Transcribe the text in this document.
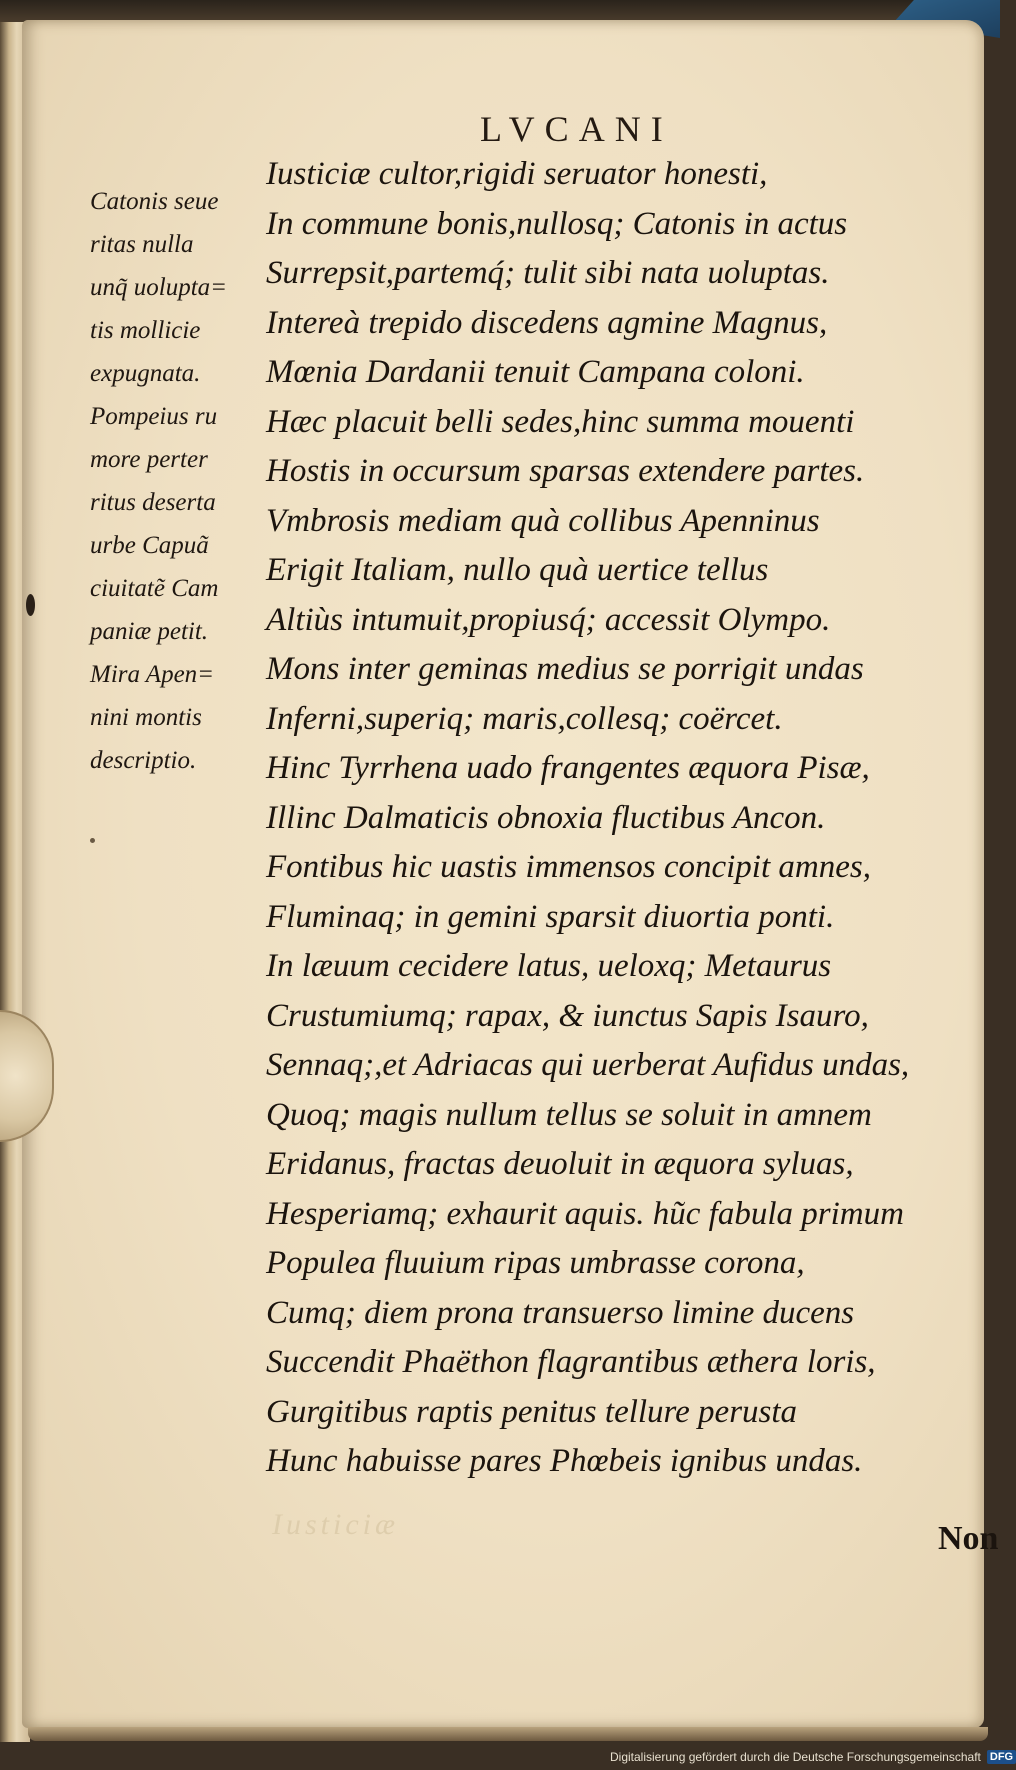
LVCANI
Catonis seue
ritas nulla
unq̃ uolupta=
tis mollicie
expugnata.
Pompeius ru
more perter
ritus deserta
urbe Capuã
ciuitatẽ Cam
paniæ petit.
Mira Apen=
nini montis
descriptio.
Iusticiæ cultor,rigidi seruator honesti,
In commune bonis,nullosq; Catonis in actus
Surrepsit,partemq́; tulit sibi nata uoluptas.
Intereà trepido discedens agmine Magnus,
Mœnia Dardanii tenuit Campana coloni.
Hæc placuit belli sedes,hinc summa mouenti
Hostis in occursum sparsas extendere partes.
Vmbrosis mediam quà collibus Apenninus
Erigit Italiam, nullo quà uertice tellus
Altiùs intumuit,propiusq́; accessit Olympo.
Mons inter geminas medius se porrigit undas
Inferni,superiq; maris,collesq; coërcet.
Hinc Tyrrhena uado frangentes æquora Pisæ,
Illinc Dalmaticis obnoxia fluctibus Ancon.
Fontibus hic uastis immensos concipit amnes,
Fluminaq; in gemini sparsit diuortia ponti.
In læuum cecidere latus, ueloxq; Metaurus
Crustumiumq; rapax, & iunctus Sapis Isauro,
Sennaq;,et Adriacas qui uerberat Aufidus undas,
Quoq; magis nullum tellus se soluit in amnem
Eridanus, fractas deuoluit in æquora syluas,
Hesperiamq; exhaurit aquis. hũc fabula primum
Populea fluuium ripas umbrasse corona,
Cumq; diem prona transuerso limine ducens
Succendit Phaëthon flagrantibus æthera loris,
Gurgitibus raptis penitus tellure perusta
Hunc habuisse pares Phœbeis ignibus undas.
Iusticiæ	Non
Digitalisierung gefördert durch die Deutsche Forschungsgemeinschaft DFG
